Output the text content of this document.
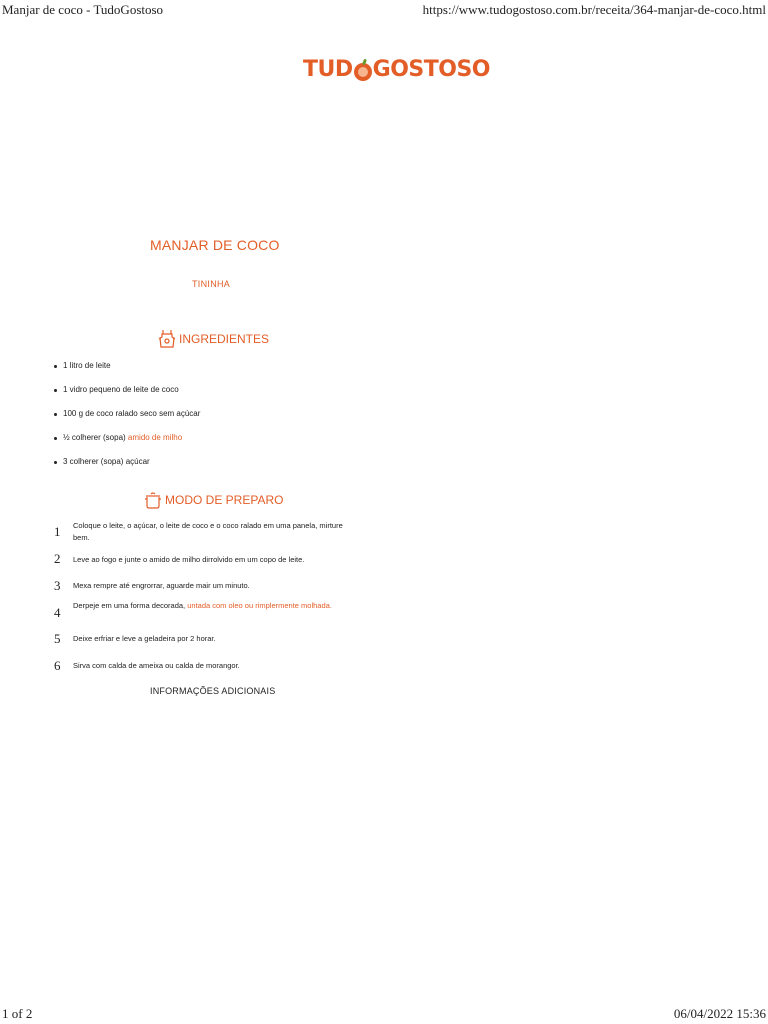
Manjar de coco - TudoGostoso	https://www.tudogostoso.com.br/receita/364-manjar-de-coco.html
TUD GOSTOSO
MANJAR DE COCO
TININHA
INGREDIENTES
1 litro de leite
1 vidro pequeno de leite de coco
100 g de coco ralado seco sem açúcar
½ colherer (sopa) amido de milho
3 colherer (sopa) açúcar
MODO DE PREPARO
1	Coloque o leite, o açúcar, o leite de coco e o coco ralado em uma panela, mirture bem.
2	Leve ao fogo e junte o amido de milho dirrolvido em um copo de leite.
3	Mexa rempre até engrorrar, aguarde mair um minuto.
4	Derpeje em uma forma decorada, untada com oleo ou rimplermente molhada.
5	Deixe erfriar e leve a geladeira por 2 horar.
6	Sirva com calda de ameixa ou calda de morangor.
INFORMAÇÕES ADICIONAIS
1 of 2	06/04/2022 15:36
